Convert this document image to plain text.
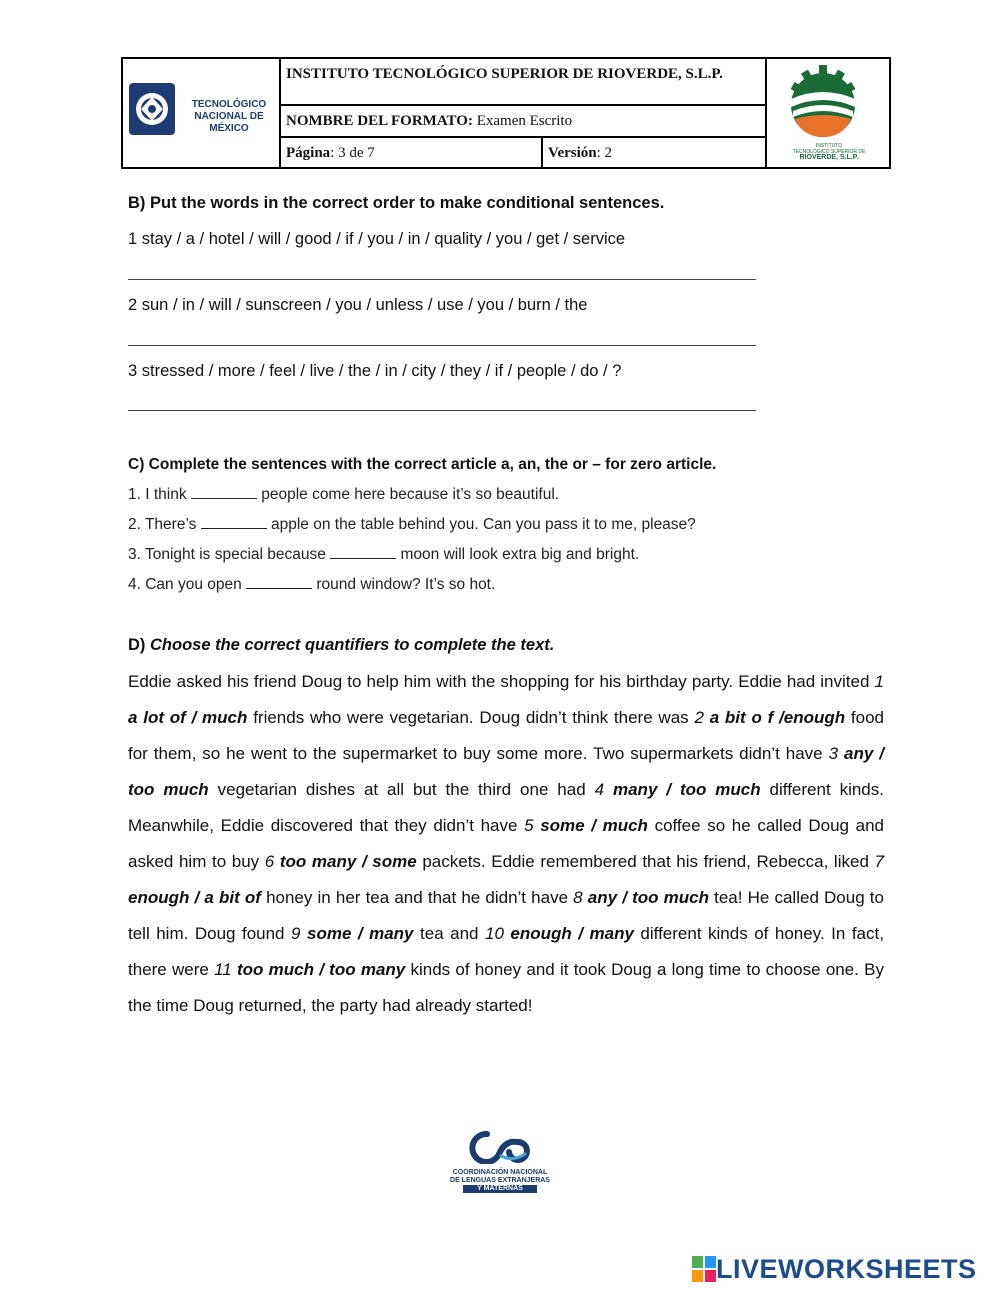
TECNOLÓGICO
NACIONAL DE MÉXICO
INSTITUTO TECNOLÓGICO SUPERIOR DE RIOVERDE, S.L.P.
NOMBRE DEL FORMATO: Examen Escrito
Página: 3 de 7	Versión: 2	INSTITUTO
TECNOLÓGICO SUPERIOR DE
RIOVERDE, S.L.P.
B) Put the words in the correct order to make conditional sentences.
1 stay / a / hotel / will / good / if / you / in / quality / you / get / service
2 sun / in / will / sunscreen / you / unless / use / you / burn / the
3 stressed / more / feel / live / the / in / city / they / if / people / do / ?
C) Complete the sentences with the correct article a, an, the or – for zero article.
1. I think	people come here because it’s so beautiful.
2. There’s	apple on the table behind you. Can you pass it to me, please?
3. Tonight is special because	moon will look extra big and bright.
4. Can you open	round window? It’s so hot.
D) Choose the correct quantifiers to complete the text.
Eddie asked his friend Doug to help him with the shopping for his birthday party. Eddie had invited 1 a lot of / much friends who were vegetarian. Doug didn’t think there was 2 a bit o f /enough food for them, so he went to the supermarket to buy some more. Two supermarkets didn’t have 3 any / too much vegetarian dishes at all but the third one had 4 many / too much different kinds. Meanwhile, Eddie discovered that they didn’t have 5 some / much coffee so he called Doug and asked him to buy 6 too many / some packets. Eddie remembered that his friend, Rebecca, liked 7 enough / a bit of honey in her tea and that he didn’t have 8 any / too much tea! He called Doug to tell him. Doug found 9 some / many tea and 10 enough / many different kinds of honey. In fact, there were 11 too much / too many kinds of honey and it took Doug a long time to choose one. By the time Doug returned, the party had already started!
COORDINACIÓN NACIONAL
DE LENGUAS EXTRANJERAS
Y MATERNAS
LIVEWORKSHEETS
